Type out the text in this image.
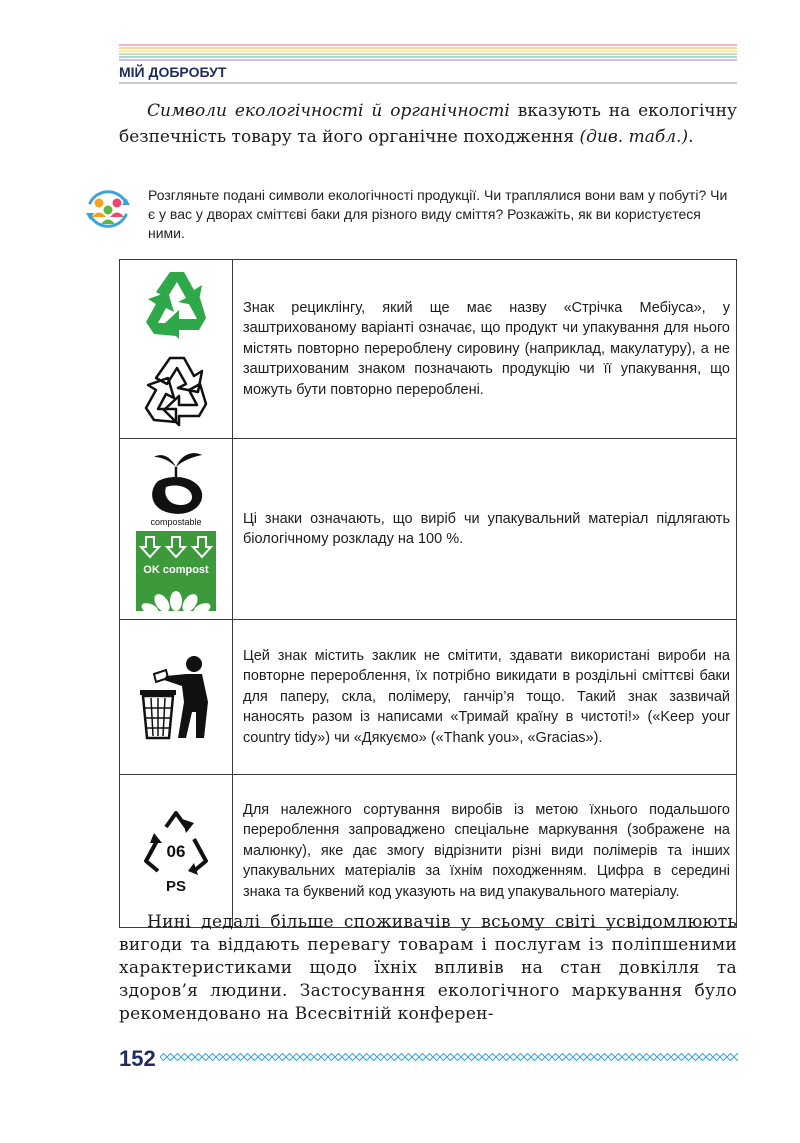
МІЙ ДОБРОБУТ
Символи екологічності й органічності вказують на екологічну безпечність товару та його органічне походження (див. табл.).
Розгляньте подані символи екологічності продукції. Чи траплялися вони вам у побуті? Чи є у вас у дворах сміттєві баки для різного виду сміття? Розкажіть, як ви користуєтеся ними.
	Знак рециклінгу, який ще має назву «Стрічка Мебіуса», у заштрихованому варіанті означає, що продукт чи упакування для нього містять повторно перероблену сировину (наприклад, макулатуру), а не заштрихованим знаком позначають продукцію чи її упакування, що можуть бути повторно перероблені.

compostable
OK compost	Ці знаки означають, що виріб чи упакувальний матеріал підлягають біологічному розкладу на 100 %.

	Цей знак містить заклик не смітити, здавати використані вироби на повторне перероблення, їх потрібно викидати в роздільні сміттєві баки для паперу, скла, полімеру, ганчір’я тощо. Такий знак зазвичай наносять разом із написами «Тримай країну в чистоті!» («Keep your country tidy») чи «Дякуємо» («Thank you», «Gracias»).

06
PS	Для належного сортування виробів із метою їхнього подальшого перероблення запроваджено спеціальне маркування (зображене на малюнку), яке дає змогу відрізнити різні види полімерів та інших упакувальних матеріалів за їхнім походженням. Цифра в середині знака та буквений код указують на вид упакувального матеріалу.
Нині дедалі більше споживачів у всьому світі усвідомлюють вигоди та віддають перевагу товарам і послугам із поліпшеними характеристиками щодо їхніх впливів на стан довкілля та здоров’я людини. Застосування екологічного маркування було рекомендовано на Всесвітній конферен-
152
